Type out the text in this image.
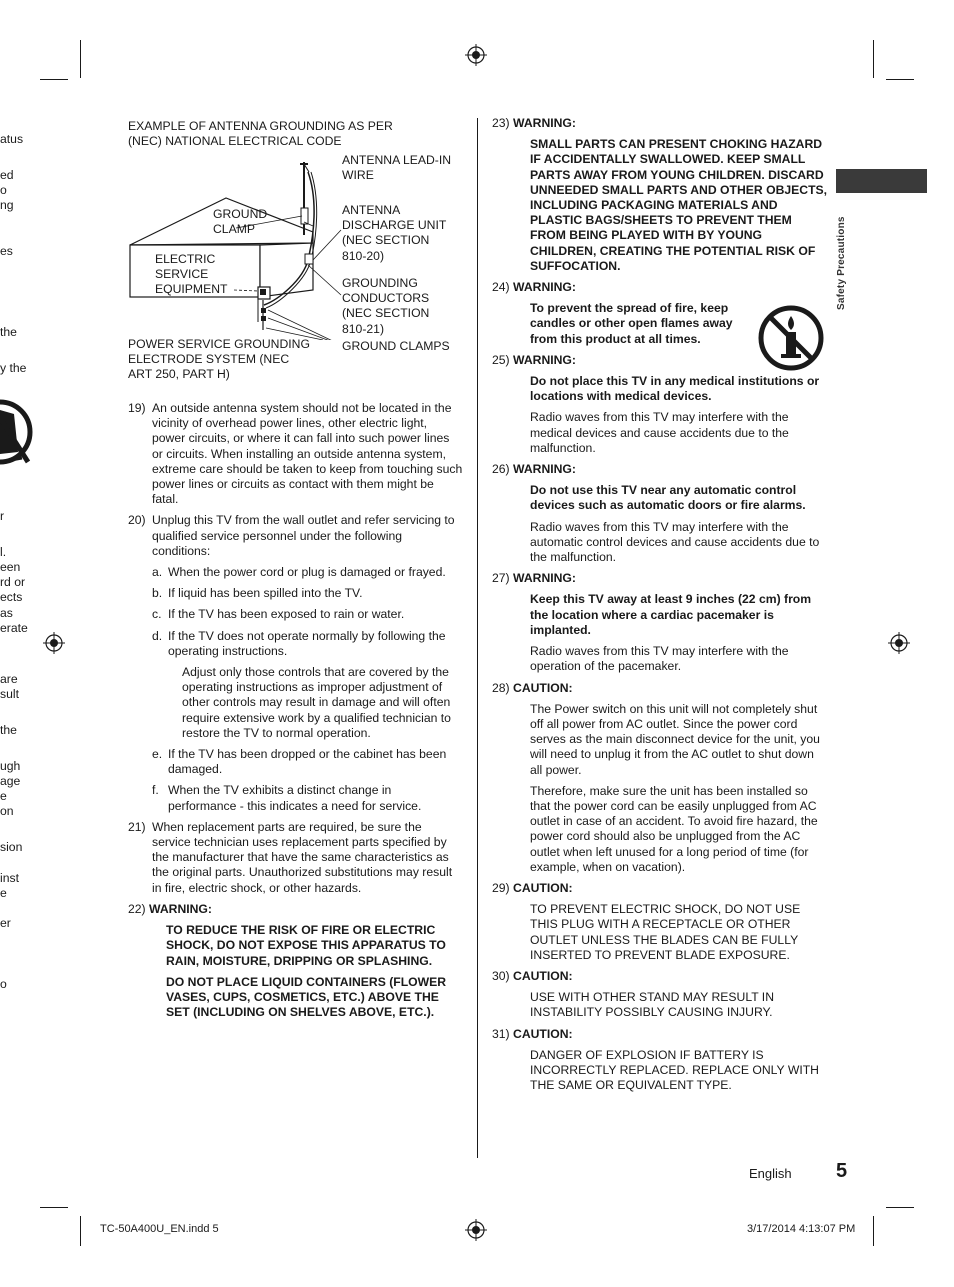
atus
ed
o
ng
es
the
y the
r
l.
een
rd or
ects
as
erate
are
sult
the
ugh
age
e
on
sion
inst
e
er
o
EXAMPLE OF ANTENNA GROUNDING AS PER
(NEC) NATIONAL ELECTRICAL CODE
ANTENNA LEAD-IN
WIRE
ANTENNA
DISCHARGE UNIT
(NEC SECTION
810-20)
GROUNDING
CONDUCTORS
(NEC SECTION
810-21)
GROUND CLAMPS
GROUND
CLAMP
ELECTRIC
SERVICE
EQUIPMENT
POWER SERVICE GROUNDING
ELECTRODE SYSTEM (NEC
ART 250, PART H)
19) An outside antenna system should not be located in the vicinity of overhead power lines, other electric light, power circuits, or where it can fall into such power lines or circuits. When installing an outside antenna system, extreme care should be taken to keep from touching such power lines or circuits as contact with them might be fatal.
20) Unplug this TV from the wall outlet and refer servicing to qualified service personnel under the following conditions:
a. When the power cord or plug is damaged or frayed.
b. If liquid has been spilled into the TV.
c. If the TV has been exposed to rain or water.
d. If the TV does not operate normally by following the operating instructions.
Adjust only those controls that are covered by the operating instructions as improper adjustment of other controls may result in damage and will often require extensive work by a qualified technician to restore the TV to normal operation.
e. If the TV has been dropped or the cabinet has been damaged.
f. When the TV exhibits a distinct change in performance - this indicates a need for service.
21) When replacement parts are required, be sure the service technician uses replacement parts specified by the manufacturer that have the same characteristics as the original parts. Unauthorized substitutions may result in fire, electric shock, or other hazards.
22) WARNING:
TO REDUCE THE RISK OF FIRE OR ELECTRIC SHOCK, DO NOT EXPOSE THIS APPARATUS TO RAIN, MOISTURE, DRIPPING OR SPLASHING.
DO NOT PLACE LIQUID CONTAINERS (FLOWER VASES, CUPS, COSMETICS, ETC.) ABOVE THE SET (INCLUDING ON SHELVES ABOVE, ETC.).
23) WARNING:
SMALL PARTS CAN PRESENT CHOKING HAZARD IF ACCIDENTALLY SWALLOWED. KEEP SMALL PARTS AWAY FROM YOUNG CHILDREN. DISCARD UNNEEDED SMALL PARTS AND OTHER OBJECTS, INCLUDING PACKAGING MATERIALS AND PLASTIC BAGS/SHEETS TO PREVENT THEM FROM BEING PLAYED WITH BY YOUNG CHILDREN, CREATING THE POTENTIAL RISK OF SUFFOCATION.
24) WARNING:
To prevent the spread of fire, keep candles or other open flames away from this product at all times.
25) WARNING:
Do not place this TV in any medical institutions or locations with medical devices.
Radio waves from this TV may interfere with the medical devices and cause accidents due to the malfunction.
26) WARNING:
Do not use this TV near any automatic control devices such as automatic doors or fire alarms.
Radio waves from this TV may interfere with the automatic control devices and cause accidents due to the malfunction.
27) WARNING:
Keep this TV away at least 9 inches (22 cm) from the location where a cardiac pacemaker is implanted.
Radio waves from this TV may interfere with the operation of the pacemaker.
28) CAUTION:
The Power switch on this unit will not completely shut off all power from AC outlet. Since the power cord serves as the main disconnect device for the unit, you will need to unplug it from the AC outlet to shut down all power.
Therefore, make sure the unit has been installed so that the power cord can be easily unplugged from AC outlet in case of an accident. To avoid fire hazard, the power cord should also be unplugged from the AC outlet when left unused for a long period of time (for example, when on vacation).
29) CAUTION:
TO PREVENT ELECTRIC SHOCK, DO NOT USE THIS PLUG WITH A RECEPTACLE OR OTHER OUTLET UNLESS THE BLADES CAN BE FULLY INSERTED TO PREVENT BLADE EXPOSURE.
30) CAUTION:
USE WITH OTHER STAND MAY RESULT IN INSTABILITY POSSIBLY CAUSING INJURY.
31) CAUTION:
DANGER OF EXPLOSION IF BATTERY IS INCORRECTLY REPLACED. REPLACE ONLY WITH THE SAME OR EQUIVALENT TYPE.
Safety Precautions
English 5
TC-50A400U_EN.indd 5	3/17/2014 4:13:07 PM
